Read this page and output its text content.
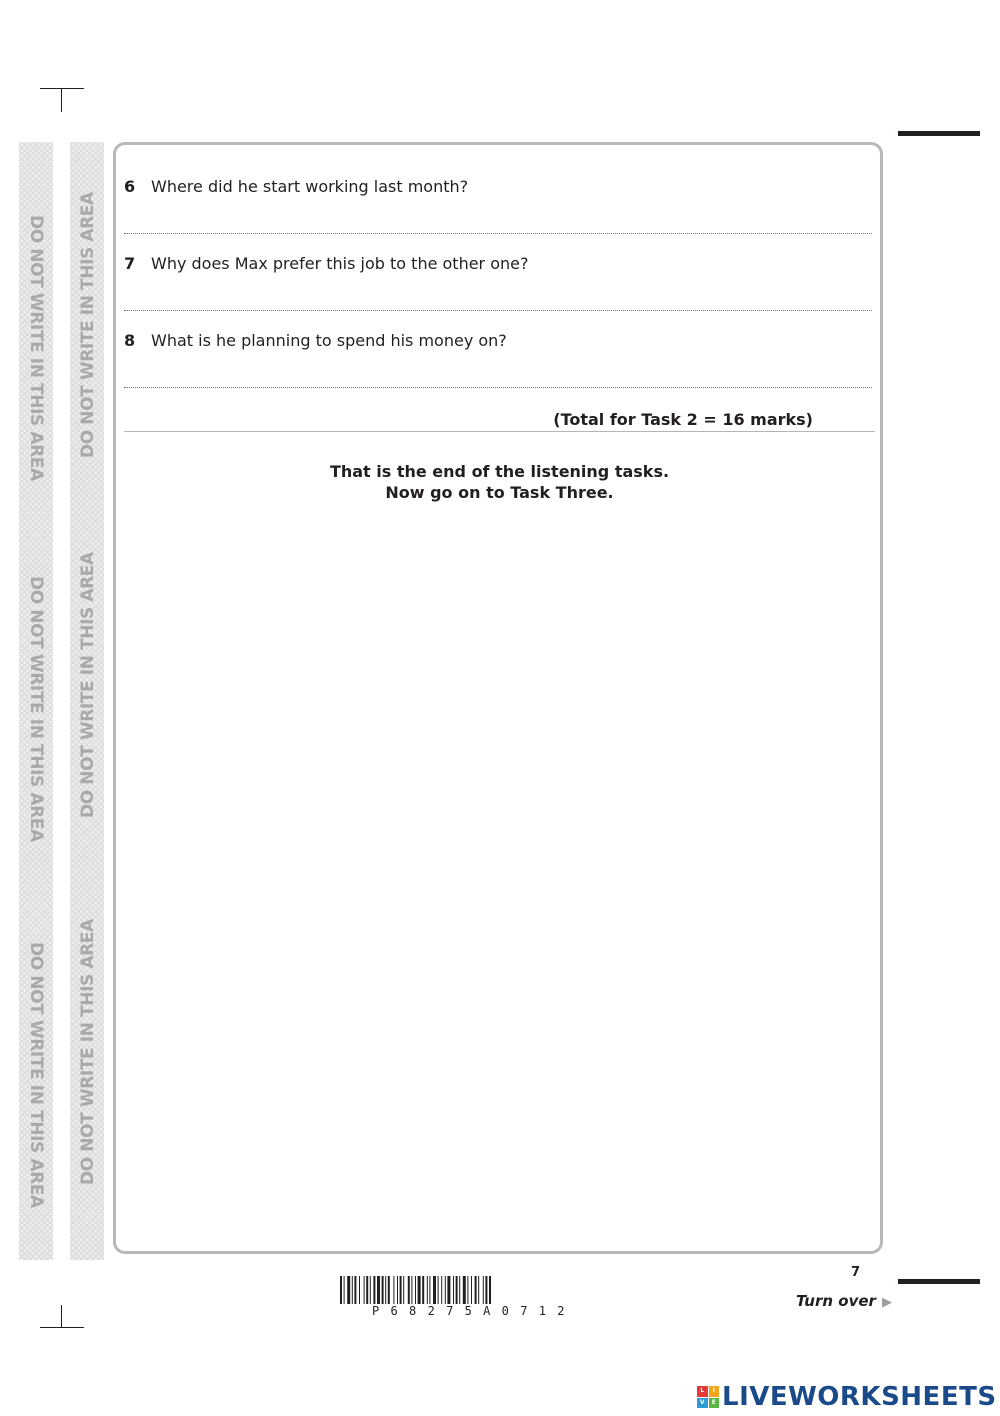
DO NOT WRITE IN THIS AREA
DO NOT WRITE IN THIS AREA
DO NOT WRITE IN THIS AREA
DO NOT WRITE IN THIS AREA
DO NOT WRITE IN THIS AREA
DO NOT WRITE IN THIS AREA
6 Where did he start working last month?
7 Why does Max prefer this job to the other one?
8 What is he planning to spend his money on?
(Total for Task 2 = 16 marks)
That is the end of the listening tasks.
Now go on to Task Three.
P68275A0712
7
Turn over ▶
L	I
V	E LIVEWORKSHEETS
